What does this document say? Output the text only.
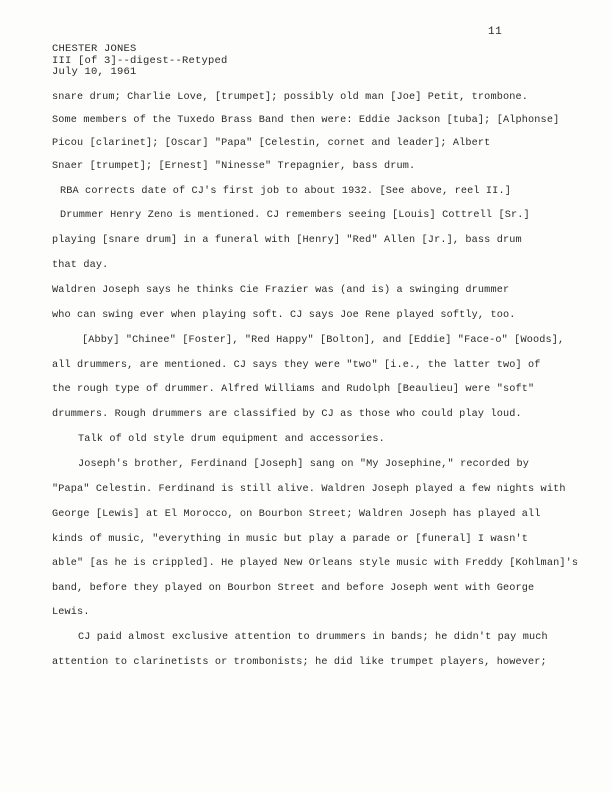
11
CHESTER JONES
III [of 3]--digest--Retyped
July 10, 1961
snare drum; Charlie Love, [trumpet]; possibly old man [Joe] Petit, trombone.
Some members of the Tuxedo Brass Band then were: Eddie Jackson [tuba]; [Alphonse]
Picou [clarinet]; [Oscar] "Papa" [Celestin, cornet and leader]; Albert
Snaer [trumpet]; [Ernest] "Ninesse" Trepagnier, bass drum.
RBA corrects date of CJ's first job to about 1932. [See above, reel II.]
Drummer Henry Zeno is mentioned. CJ remembers seeing [Louis] Cottrell [Sr.]
playing [snare drum] in a funeral with [Henry] "Red" Allen [Jr.], bass drum
that day.
Waldren Joseph says he thinks Cie Frazier was (and is) a swinging drummer
who can swing ever when playing soft. CJ says Joe Rene played softly, too.
[Abby] "Chinee" [Foster], "Red Happy" [Bolton], and [Eddie] "Face-o" [Woods],
all drummers, are mentioned. CJ says they were "two" [i.e., the latter two] of
the rough type of drummer. Alfred Williams and Rudolph [Beaulieu] were "soft"
drummers. Rough drummers are classified by CJ as those who could play loud.
Talk of old style drum equipment and accessories.
Joseph's brother, Ferdinand [Joseph] sang on "My Josephine," recorded by
"Papa" Celestin. Ferdinand is still alive. Waldren Joseph played a few nights with
George [Lewis] at El Morocco, on Bourbon Street; Waldren Joseph has played all
kinds of music, "everything in music but play a parade or [funeral] I wasn't
able" [as he is crippled]. He played New Orleans style music with Freddy [Kohlman]'s
band, before they played on Bourbon Street and before Joseph went with George
Lewis.
CJ paid almost exclusive attention to drummers in bands; he didn't pay much
attention to clarinetists or trombonists; he did like trumpet players, however;
